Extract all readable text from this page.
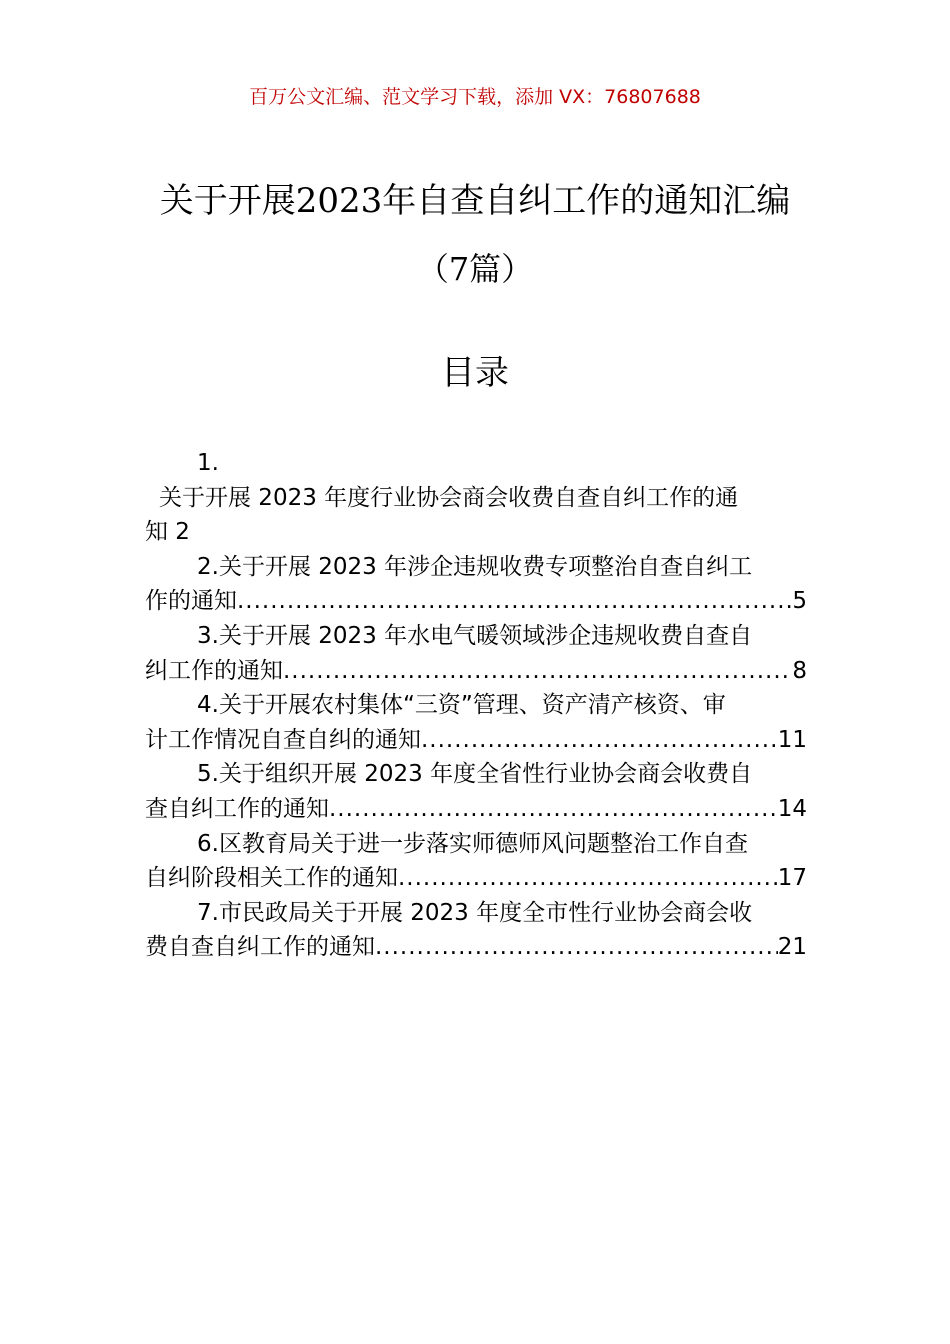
百万公文汇编、范文学习下载，添加 VX：76807688
关于开展2023年自查自纠工作的通知汇编
（7篇）
目录
1.
关于开展 2023 年度行业协会商会收费自查自纠工作的通
知 2
2.关于开展 2023 年涉企违规收费专项整治自查自纠工
作的通知 .....	5
3.关于开展 2023 年水电气暖领域涉企违规收费自查自
纠工作的通知 .....	8
4.关于开展农村集体“三资”管理、资产清产核资、审
计工作情况自查自纠的通知 .....	11
5.关于组织开展 2023 年度全省性行业协会商会收费自
查自纠工作的通知 .....	14
6.区教育局关于进一步落实师德师风问题整治工作自查
自纠阶段相关工作的通知 .....	17
7.市民政局关于开展 2023 年度全市性行业协会商会收
费自查自纠工作的通知 .....	21
